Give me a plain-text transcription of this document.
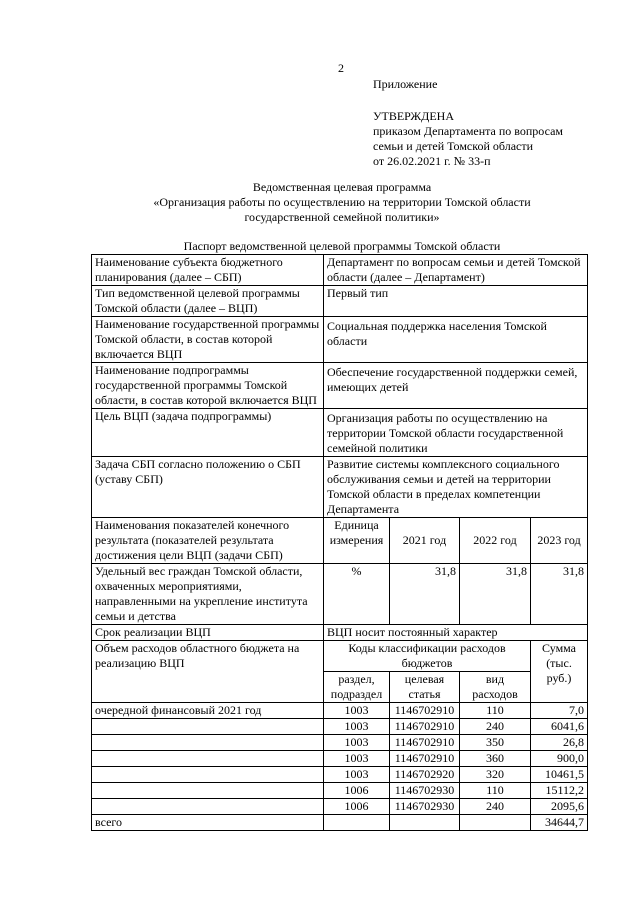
2
Приложение
УТВЕРЖДЕНА
приказом Департамента по вопросам
семьи и детей Томской области
от 26.02.2021 г. № 33-п
Ведомственная целевая программа
«Организация работы по осуществлению на территории Томской области
государственной семейной политики»
Паспорт ведомственной целевой программы Томской области
Наименование субъекта бюджетного планирования (далее – СБП)	Департамент по вопросам семьи и детей Томской области (далее – Департамент)			
Тип ведомственной целевой программы Томской области (далее – ВЦП)	Первый тип			
Наименование государственной программы Томской области, в состав которой включается ВЦП	Социальная поддержка населения Томской области			
Наименование подпрограммы государственной программы Томской области, в состав которой включается ВЦП	Обеспечение государственной поддержки семей, имеющих детей			
Цель ВЦП (задача подпрограммы)	Организация работы по осуществлению на территории Томской области государственной семейной политики			
Задача СБП согласно положению о СБП (уставу СБП)	Развитие системы комплексного социального обслуживания семьи и детей на территории Томской области в пределах компетенции Департамента			
Наименования показателей конечного результата (показателей результата достижения цели ВЦП (задачи СБП)	Единица измерения	2021 год	2022 год	2023 год
Удельный вес граждан Томской области, охваченных мероприятиями, направленными на укрепление института семьи и детства	%	31,8	31,8	31,8
Срок реализации ВЦП	ВЦП носит постоянный характер			
Объем расходов областного бюджета на реализацию ВЦП	Коды классификации расходов бюджетов			Сумма (тыс. руб.)
	раздел, подраздел	целевая статья	вид расходов	
очередной финансовый 2021 год	1003	1146702910	110	7,0
	1003	1146702910	240	6041,6
	1003	1146702910	350	26,8
	1003	1146702910	360	900,0
	1003	1146702920	320	10461,5
	1006	1146702930	110	15112,2
	1006	1146702930	240	2095,6
всего				34644,7
